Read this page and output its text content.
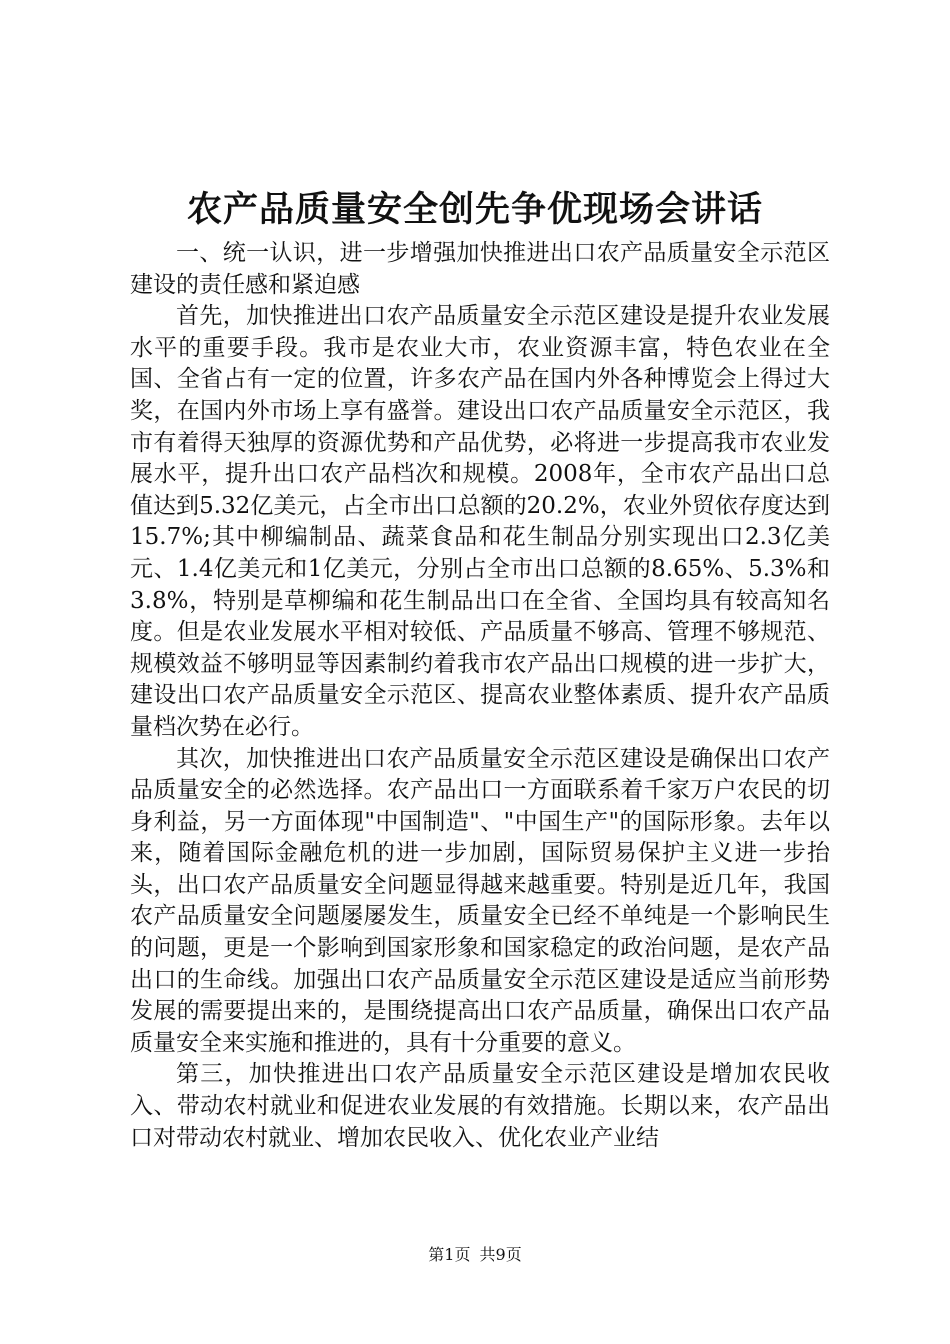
农产品质量安全创先争优现场会讲话

一、统一认识，进一步增强加快推进出口农产品质量安全示范区建设的责任感和紧迫感

首先，加快推进出口农产品质量安全示范区建设是提升农业发展水平的重要手段。我市是农业大市，农业资源丰富，特色农业在全国、全省占有一定的位置，许多农产品在国内外各种博览会上得过大奖，在国内外市场上享有盛誉。建设出口农产品质量安全示范区，我市有着得天独厚的资源优势和产品优势，必将进一步提高我市农业发展水平，提升出口农产品档次和规模。2008年，全市农产品出口总值达到5.32亿美元，占全市出口总额的20.2%，农业外贸依存度达到15.7%;其中柳编制品、蔬菜食品和花生制品分别实现出口2.3亿美元、1.4亿美元和1亿美元，分别占全市出口总额的8.65%、5.3%和3.8%，特别是草柳编和花生制品出口在全省、全国均具有较高知名度。但是农业发展水平相对较低、产品质量不够高、管理不够规范、规模效益不够明显等因素制约着我市农产品出口规模的进一步扩大，建设出口农产品质量安全示范区、提高农业整体素质、提升农产品质量档次势在必行。

其次，加快推进出口农产品质量安全示范区建设是确保出口农产品质量安全的必然选择。农产品出口一方面联系着千家万户农民的切身利益，另一方面体现"中国制造"、"中国生产"的国际形象。去年以来，随着国际金融危机的进一步加剧，国际贸易保护主义进一步抬头，出口农产品质量安全问题显得越来越重要。特别是近几年，我国农产品质量安全问题屡屡发生，质量安全已经不单纯是一个影响民生的问题，更是一个影响到国家形象和国家稳定的政治问题，是农产品出口的生命线。加强出口农产品质量安全示范区建设是适应当前形势发展的需要提出来的，是围绕提高出口农产品质量，确保出口农产品质量安全来实施和推进的，具有十分重要的意义。

第三，加快推进出口农产品质量安全示范区建设是增加农民收入、带动农村就业和促进农业发展的有效措施。长期以来，农产品出口对带动农村就业、增加农民收入、优化农业产业结

第1页 共9页
